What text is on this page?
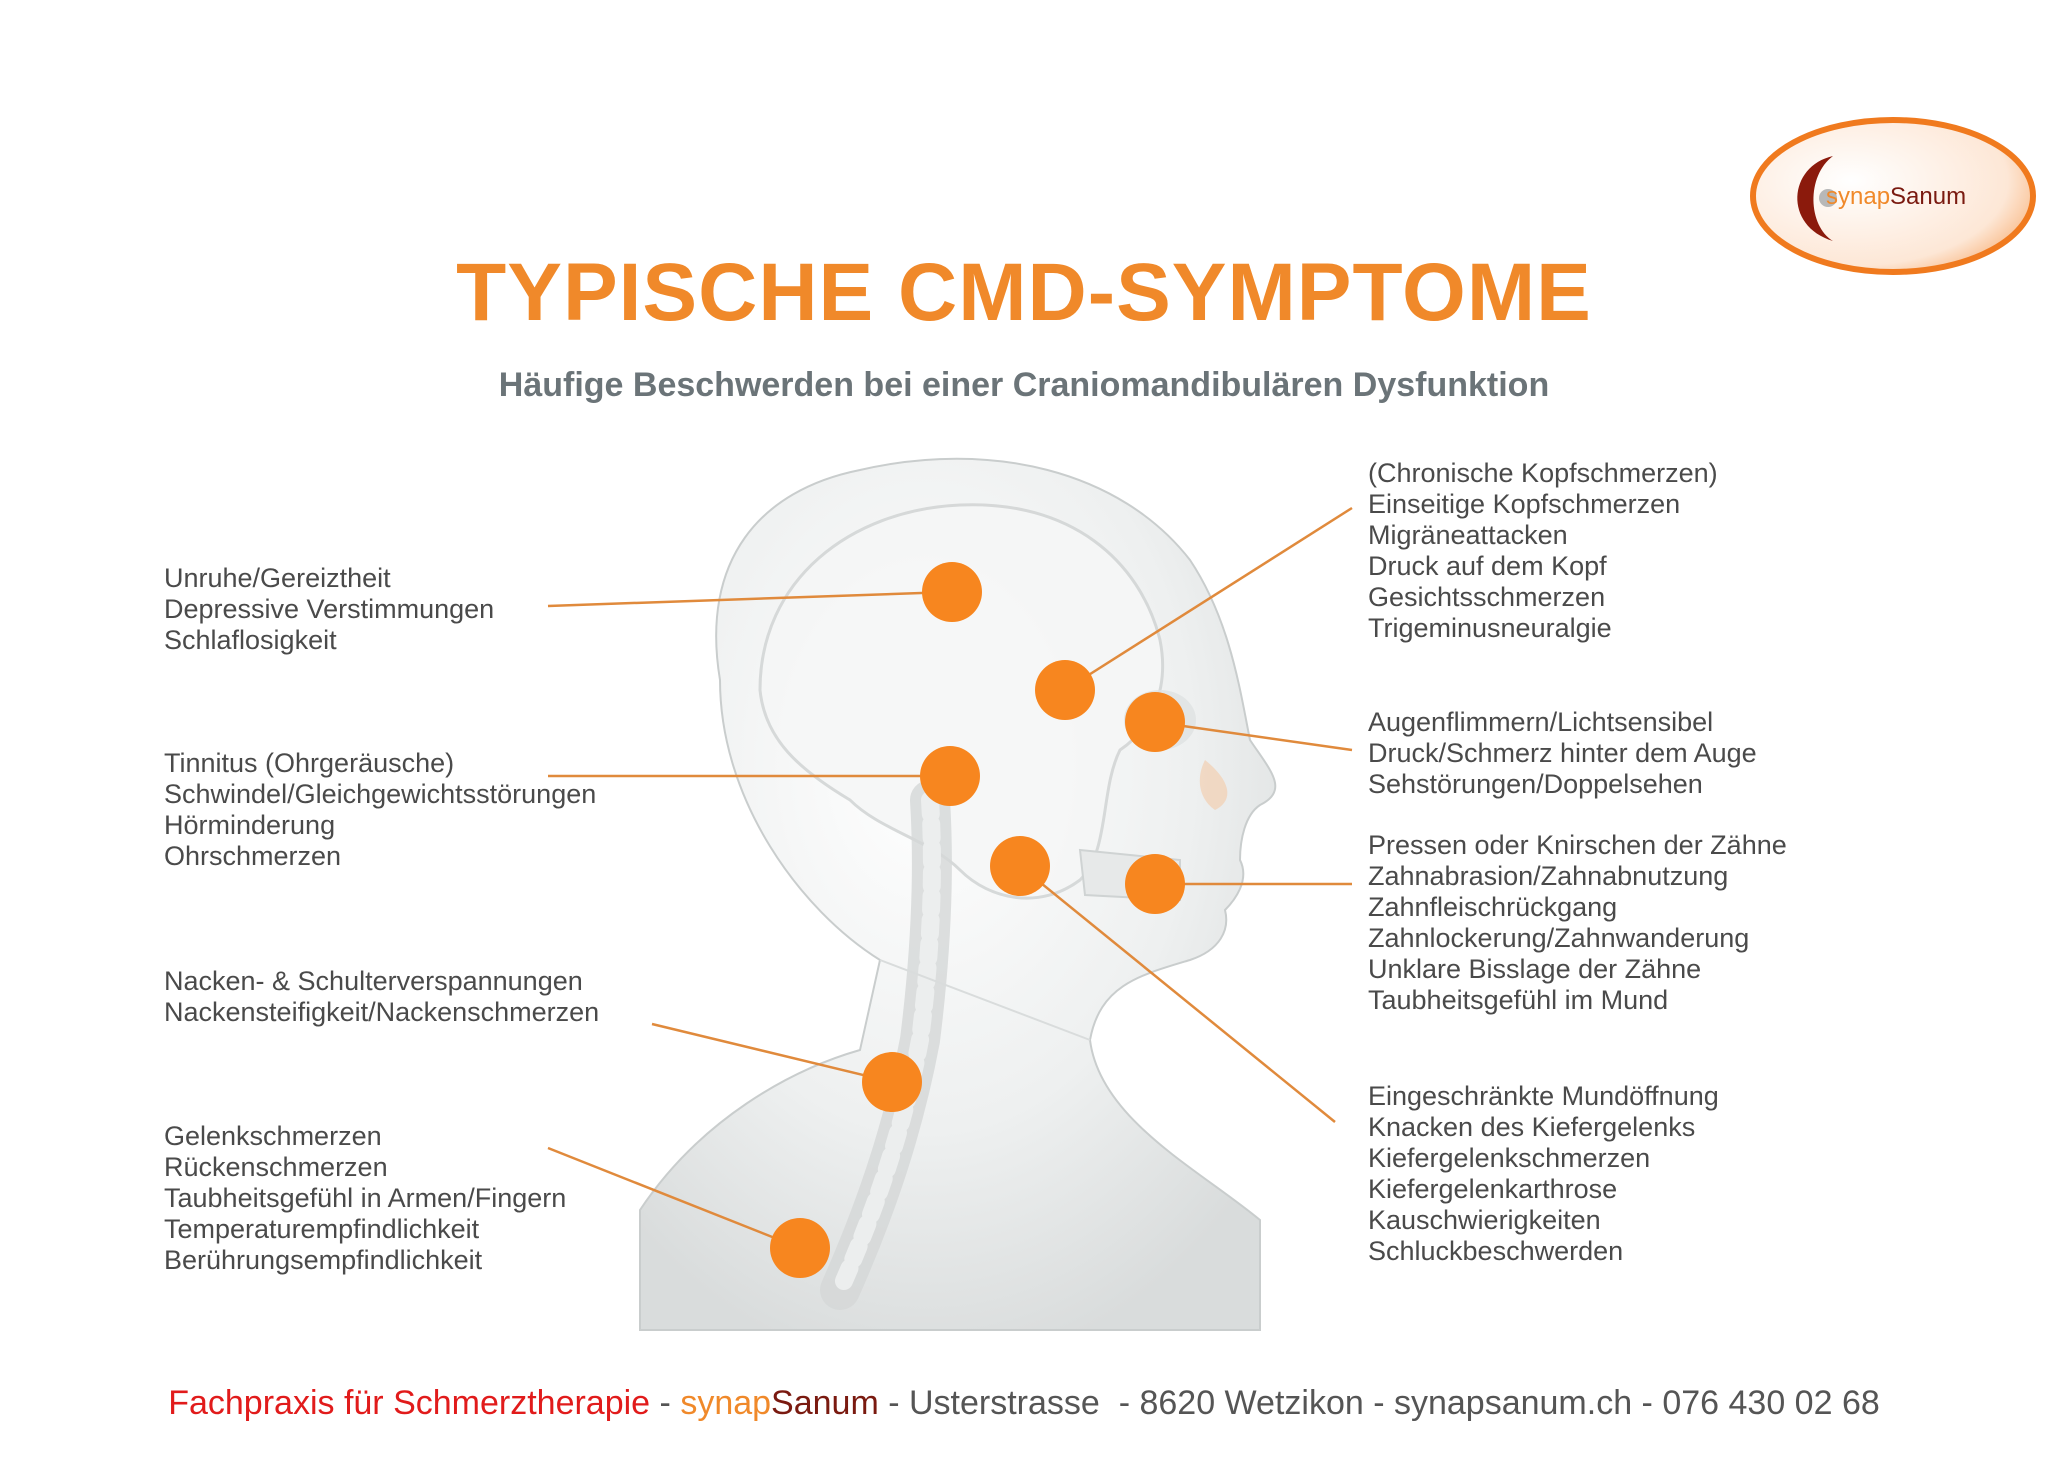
synapSanum
TYPISCHE CMD-SYMPTOME
Häufige Beschwerden bei einer Craniomandibulären Dysfunktion
Unruhe/Gereiztheit
Depressive Verstimmungen
Schlaflosigkeit
Tinnitus (Ohrgeräusche)
Schwindel/Gleichgewichtsstörungen
Hörminderung
Ohrschmerzen
Nacken- & Schulterverspannungen
Nackensteifigkeit/Nackenschmerzen
Gelenkschmerzen
Rückenschmerzen
Taubheitsgefühl in Armen/Fingern
Temperaturempfindlichkeit
Berührungsempfindlichkeit
(Chronische Kopfschmerzen)
Einseitige Kopfschmerzen
Migräneattacken
Druck auf dem Kopf
Gesichtsschmerzen
Trigeminusneuralgie
Augenflimmern/Lichtsensibel
Druck/Schmerz hinter dem Auge
Sehstörungen/Doppelsehen
Pressen oder Knirschen der Zähne
Zahnabrasion/Zahnabnutzung
Zahnfleischrückgang
Zahnlockerung/Zahnwanderung
Unklare Bisslage der Zähne
Taubheitsgefühl im Mund
Eingeschränkte Mundöffnung
Knacken des Kiefergelenks
Kiefergelenkschmerzen
Kiefergelenkarthrose
Kauschwierigkeiten
Schluckbeschwerden
Fachpraxis für Schmerztherapie - synapSanum - Usterstrasse  - 8620 Wetzikon - synapsanum.ch - 076 430 02 68
